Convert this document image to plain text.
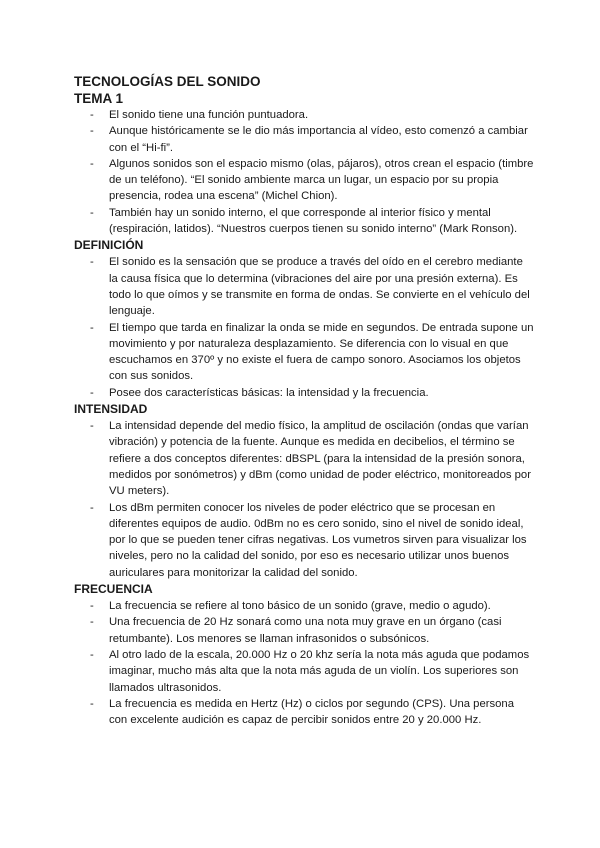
TECNOLOGÍAS DEL SONIDO
TEMA 1
- El sonido tiene una función puntuadora.
- Aunque históricamente se le dio más importancia al vídeo, esto comenzó a cambiar con el “Hi-fi”.
- Algunos sonidos son el espacio mismo (olas, pájaros), otros crean el espacio (timbre de un teléfono). “El sonido ambiente marca un lugar, un espacio por su propia presencia, rodea una escena” (Michel Chion).
- También hay un sonido interno, el que corresponde al interior físico y mental (respiración, latidos). “Nuestros cuerpos tienen su sonido interno” (Mark Ronson).
DEFINICIÓN
- El sonido es la sensación que se produce a través del oído en el cerebro mediante la causa física que lo determina (vibraciones del aire por una presión externa). Es todo lo que oímos y se transmite en forma de ondas. Se convierte en el vehículo del lenguaje.
- El tiempo que tarda en finalizar la onda se mide en segundos. De entrada supone un movimiento y por naturaleza desplazamiento. Se diferencia con lo visual en que escuchamos en 370º y no existe el fuera de campo sonoro. Asociamos los objetos con sus sonidos.
- Posee dos características básicas: la intensidad y la frecuencia.
INTENSIDAD
- La intensidad depende del medio físico, la amplitud de oscilación (ondas que varían vibración) y potencia de la fuente. Aunque es medida en decibelios, el término se refiere a dos conceptos diferentes: dBSPL (para la intensidad de la presión sonora, medidos por sonómetros) y dBm (como unidad de poder eléctrico, monitoreados por VU meters).
- Los dBm permiten conocer los niveles de poder eléctrico que se procesan en diferentes equipos de audio. 0dBm no es cero sonido, sino el nivel de sonido ideal, por lo que se pueden tener cifras negativas. Los vumetros sirven para visualizar los niveles, pero no la calidad del sonido, por eso es necesario utilizar unos buenos auriculares para monitorizar la calidad del sonido.
FRECUENCIA
- La frecuencia se refiere al tono básico de un sonido (grave, medio o agudo).
- Una frecuencia de 20 Hz sonará como una nota muy grave en un órgano (casi retumbante). Los menores se llaman infrasonidos o subsónicos.
- Al otro lado de la escala, 20.000 Hz o 20 khz sería la nota más aguda que podamos imaginar, mucho más alta que la nota más aguda de un violín. Los superiores son llamados ultrasonidos.
- La frecuencia es medida en Hertz (Hz) o ciclos por segundo (CPS). Una persona con excelente audición es capaz de percibir sonidos entre 20 y 20.000 Hz.
